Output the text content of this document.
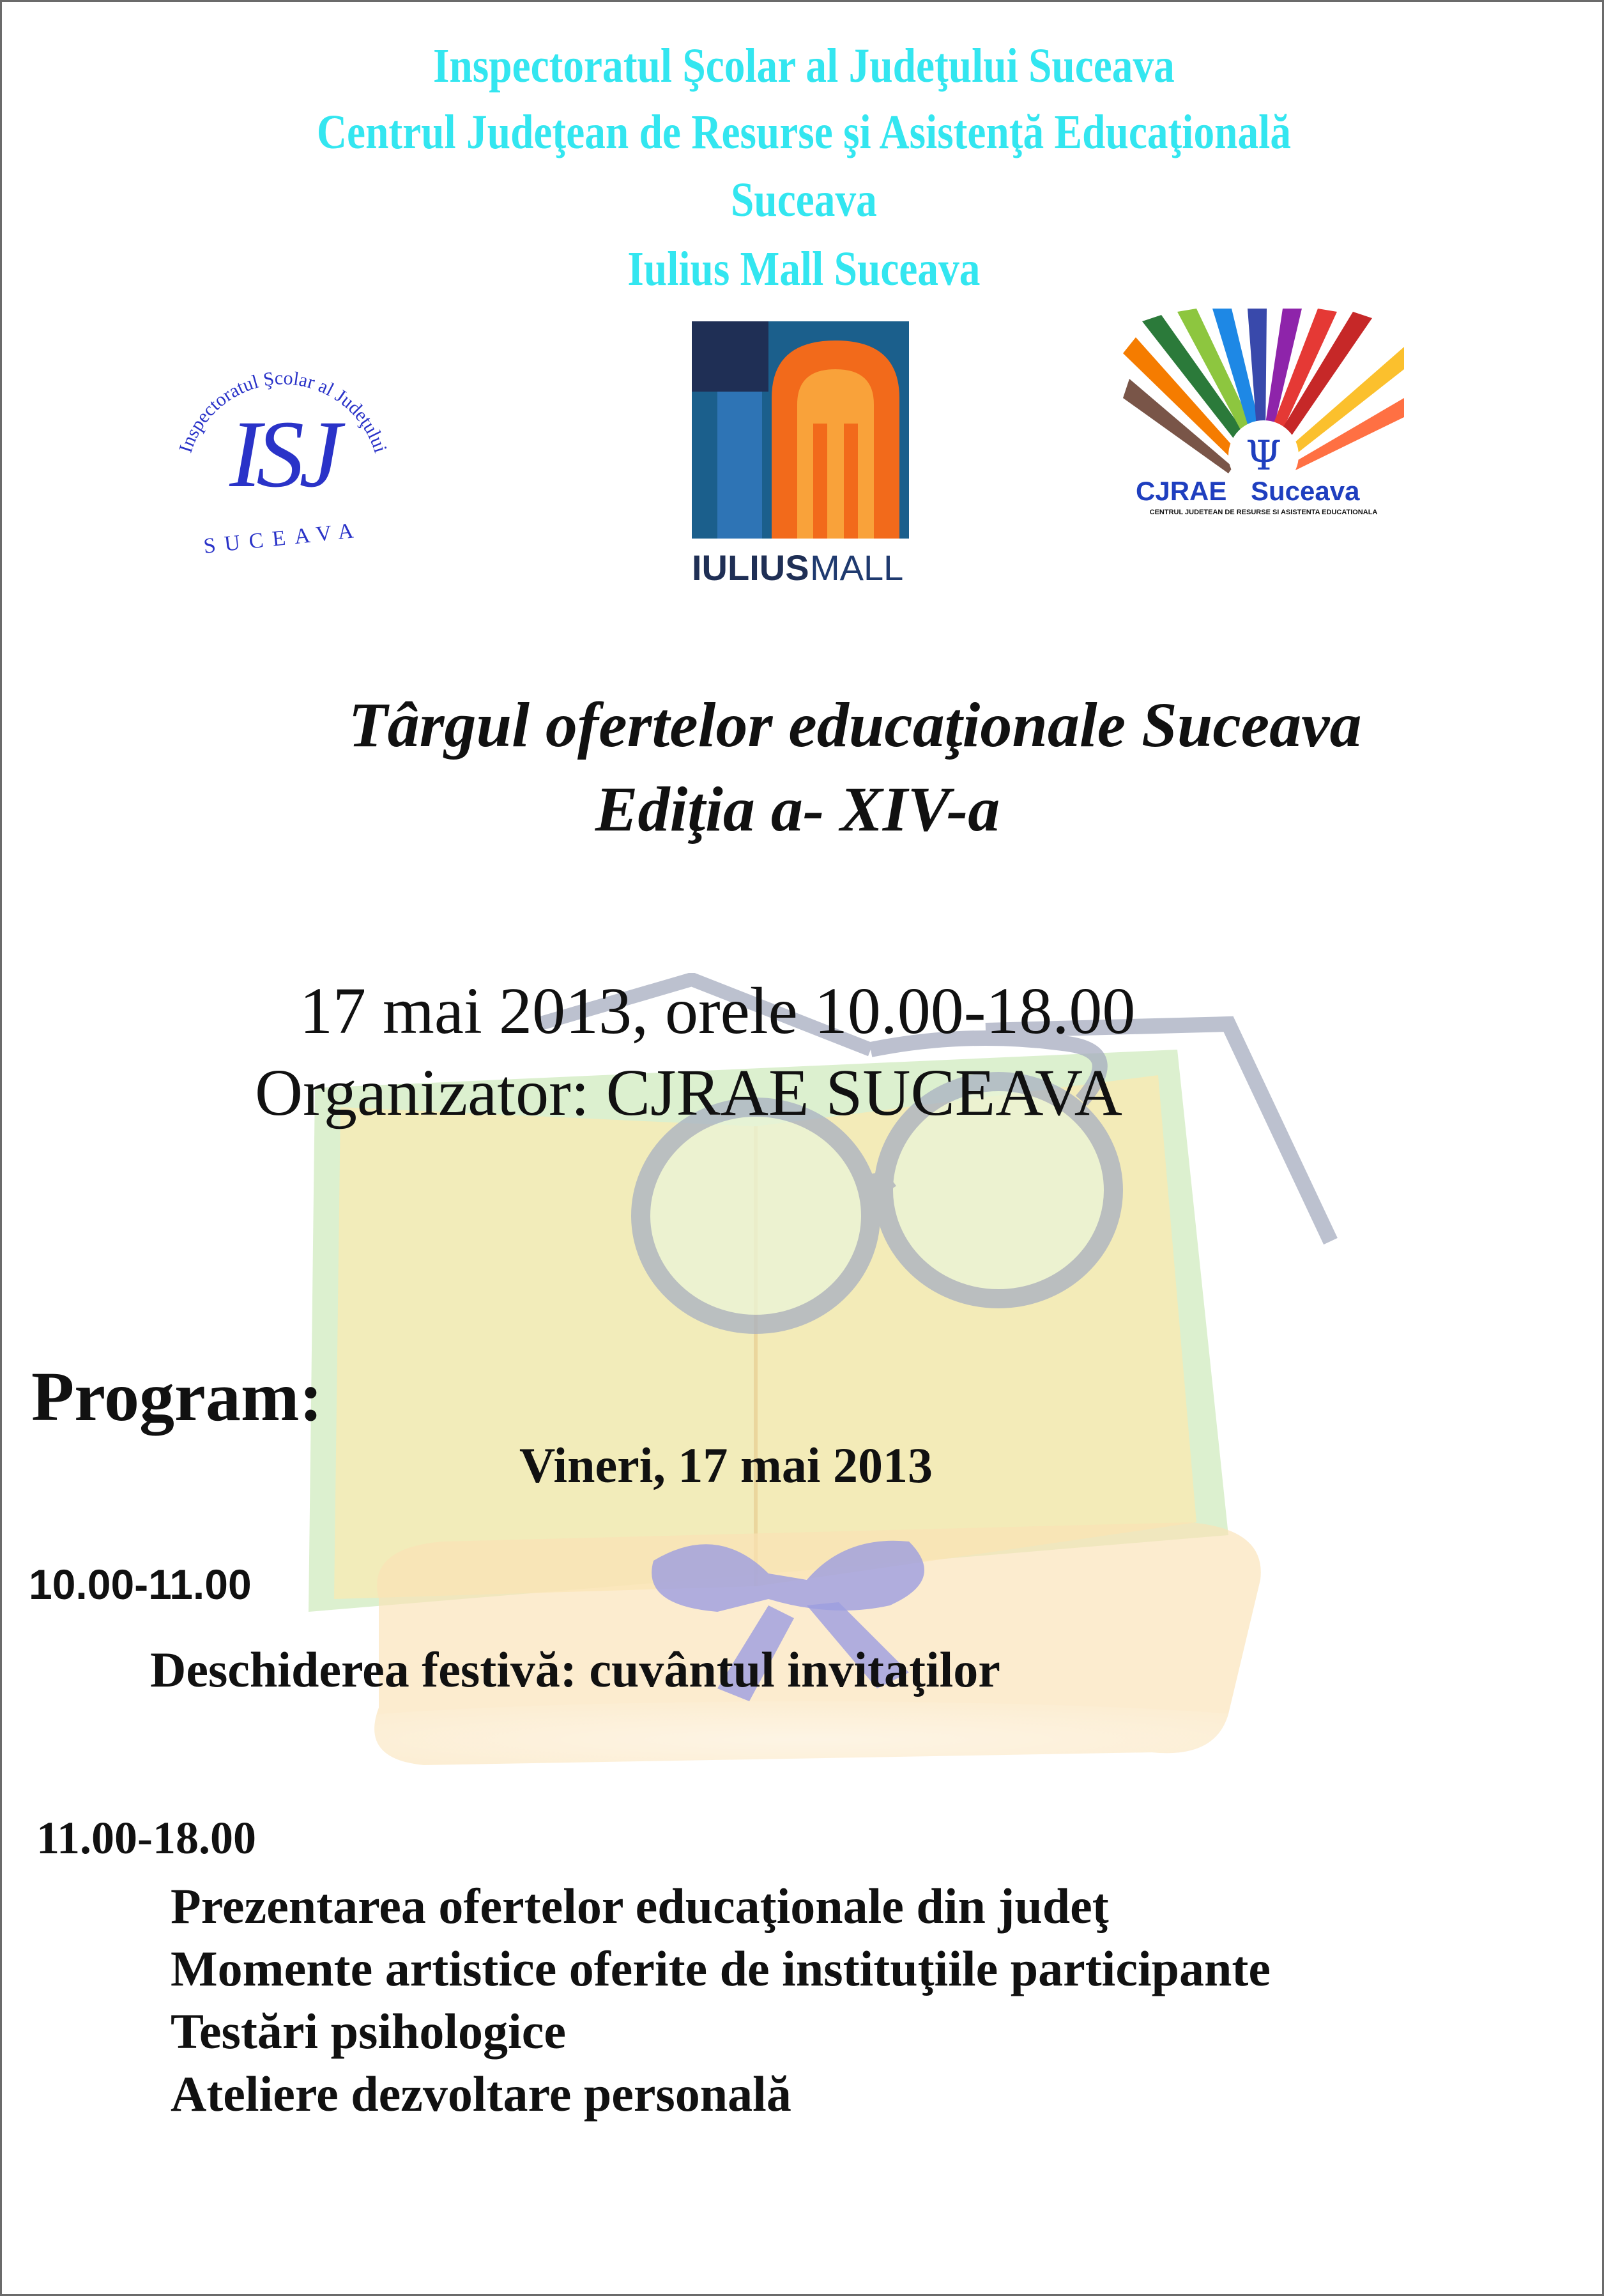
Inspectoratul Şcolar al Judeţului Suceava
Centrul Judeţean de Resurse şi Asistenţă Educaţională
Suceava
Iulius Mall Suceava
Inspectoratul Şcolar al Judeţului
ISJ
SUCEAVA
IULIUS MALL
Ψ
CJRAE Suceava
CENTRUL JUDETEAN DE RESURSE SI ASISTENTA EDUCATIONALA
Târgul ofertelor educaţionale Suceava
Ediţia a- XIV-a
17 mai 2013, orele 10.00-18.00
Organizator: CJRAE SUCEAVA
Program:
Vineri, 17 mai 2013
10.00-11.00
Deschiderea festivă: cuvântul invitaţilor
11.00-18.00
Prezentarea ofertelor educaţionale din judeţ
Momente artistice oferite de instituţiile participante
Testări psihologice
Ateliere dezvoltare personală
